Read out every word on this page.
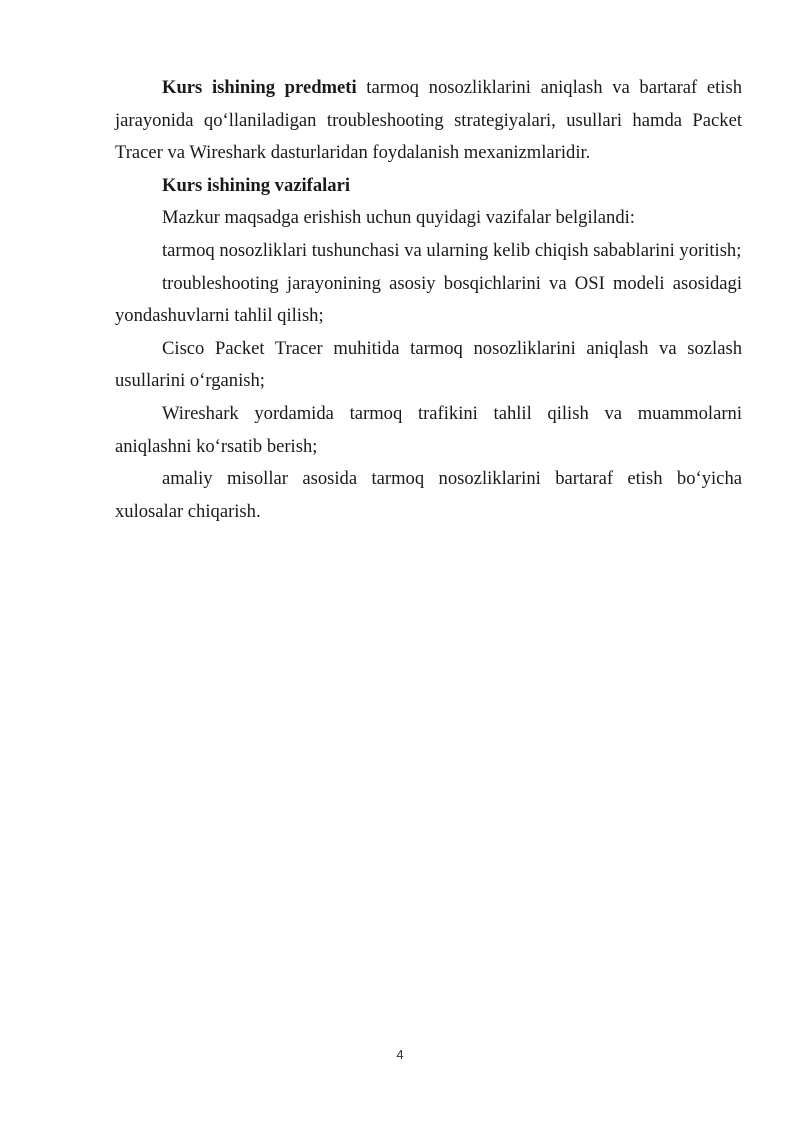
Kurs ishining predmeti tarmoq nosozliklarini aniqlash va bartaraf etish jarayonida qo‘llaniladigan troubleshooting strategiyalari, usullari hamda Packet Tracer va Wireshark dasturlaridan foydalanish mexanizmlaridir.

Kurs ishining vazifalari

Mazkur maqsadga erishish uchun quyidagi vazifalar belgilandi:

tarmoq nosozliklari tushunchasi va ularning kelib chiqish sabablarini yoritish;

troubleshooting jarayonining asosiy bosqichlarini va OSI modeli asosidagi yondashuvlarni tahlil qilish;

Cisco Packet Tracer muhitida tarmoq nosozliklarini aniqlash va sozlash usullarini o‘rganish;

Wireshark yordamida tarmoq trafikini tahlil qilish va muammolarni aniqlashni ko‘rsatib berish;

amaliy misollar asosida tarmoq nosozliklarini bartaraf etish bo‘yicha xulosalar chiqarish.

4
